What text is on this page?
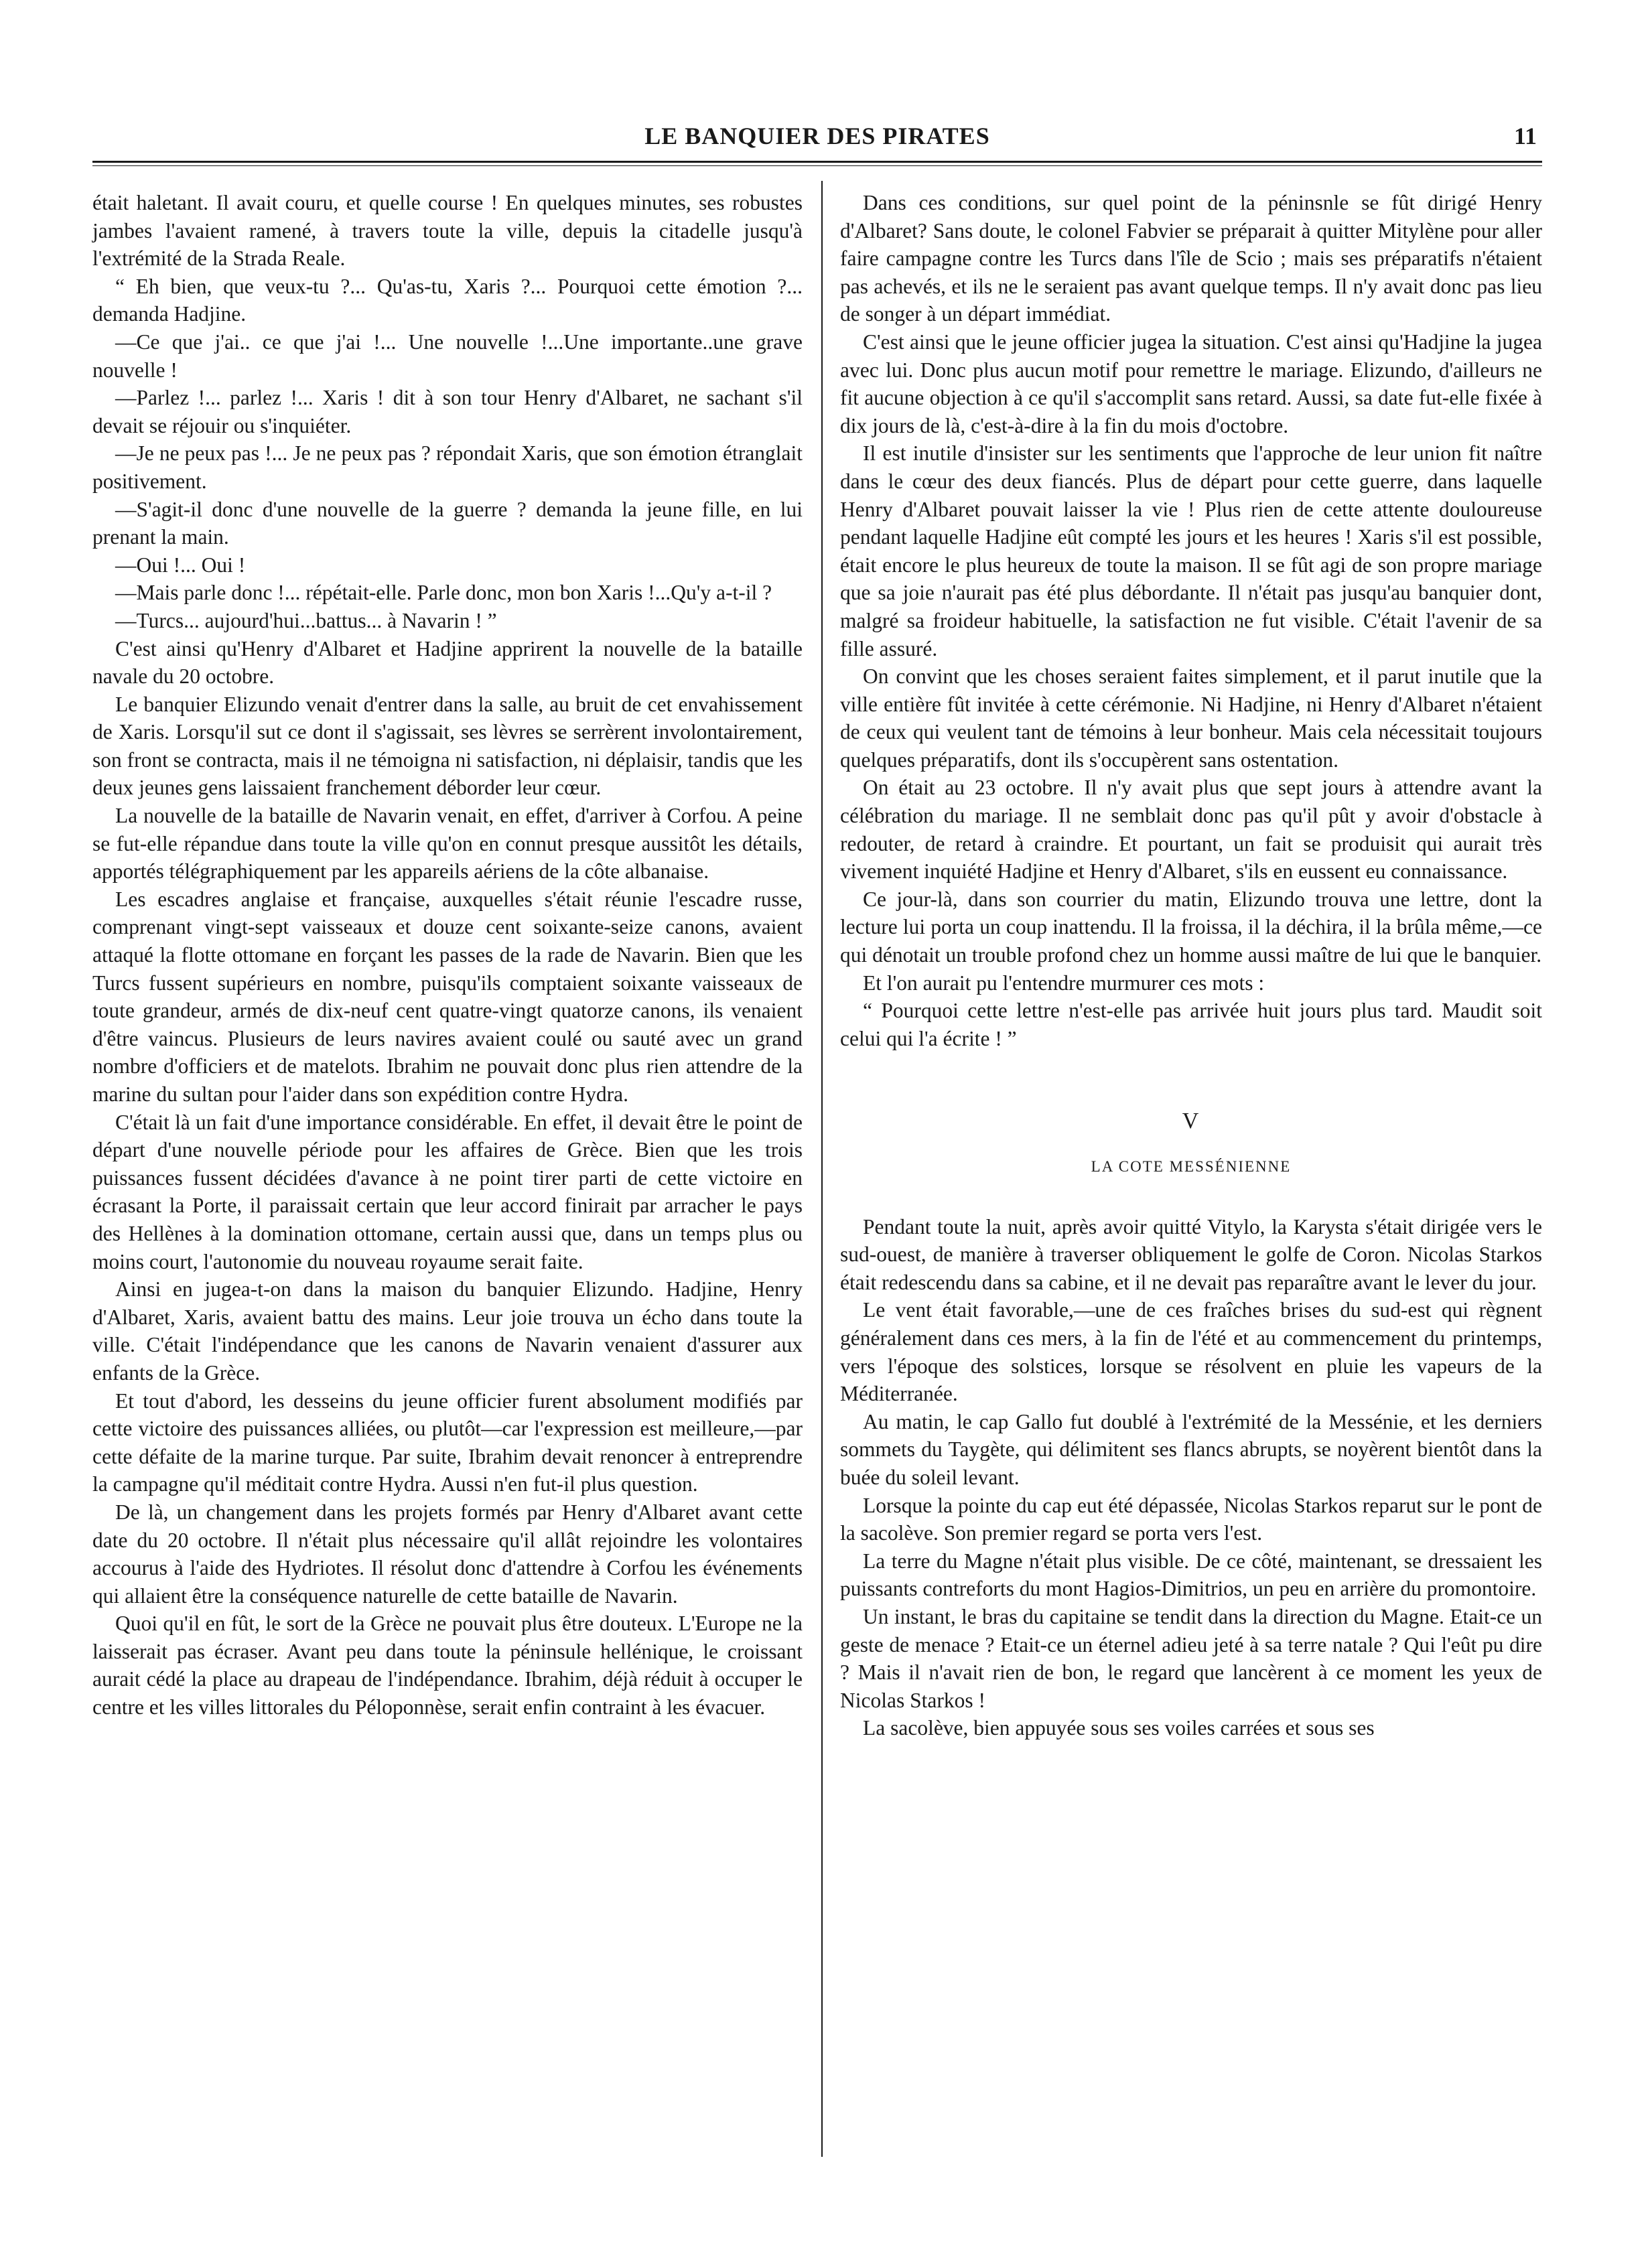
LE BANQUIER DES PIRATES	11

était haletant. Il avait couru, et quelle course ! En quelques minutes, ses robustes jambes l'avaient ramené, à travers toute la ville, depuis la citadelle jusqu'à l'extrémité de la Strada Reale.

“ Eh bien, que veux-tu ?... Qu'as-tu, Xaris ?... Pourquoi cette émotion ?... demanda Hadjine.

—Ce que j'ai.. ce que j'ai !... Une nouvelle !...Une importante..une grave nouvelle !

—Parlez !... parlez !... Xaris ! dit à son tour Henry d'Albaret, ne sachant s'il devait se réjouir ou s'inquiéter.

—Je ne peux pas !... Je ne peux pas ? répondait Xaris, que son émotion étranglait positivement.

—S'agit-il donc d'une nouvelle de la guerre ? demanda la jeune fille, en lui prenant la main.

—Oui !... Oui !

—Mais parle donc !... répétait-elle. Parle donc, mon bon Xaris !...Qu'y a-t-il ?

—Turcs... aujourd'hui...battus... à Navarin ! ”

C'est ainsi qu'Henry d'Albaret et Hadjine apprirent la nouvelle de la bataille navale du 20 octobre.

Le banquier Elizundo venait d'entrer dans la salle, au bruit de cet envahissement de Xaris. Lorsqu'il sut ce dont il s'agissait, ses lèvres se serrèrent involontairement, son front se contracta, mais il ne témoigna ni satisfaction, ni déplaisir, tandis que les deux jeunes gens laissaient franchement déborder leur cœur.

La nouvelle de la bataille de Navarin venait, en effet, d'arriver à Corfou. A peine se fut-elle répandue dans toute la ville qu'on en connut presque aussitôt les détails, apportés télégraphiquement par les appareils aériens de la côte albanaise.

Les escadres anglaise et française, auxquelles s'était réunie l'escadre russe, comprenant vingt-sept vaisseaux et douze cent soixante-seize canons, avaient attaqué la flotte ottomane en forçant les passes de la rade de Navarin. Bien que les Turcs fussent supérieurs en nombre, puisqu'ils comptaient soixante vaisseaux de toute grandeur, armés de dix-neuf cent quatre-vingt quatorze canons, ils venaient d'être vaincus. Plusieurs de leurs navires avaient coulé ou sauté avec un grand nombre d'officiers et de matelots. Ibrahim ne pouvait donc plus rien attendre de la marine du sultan pour l'aider dans son expédition contre Hydra.

C'était là un fait d'une importance considérable. En effet, il devait être le point de départ d'une nouvelle période pour les affaires de Grèce. Bien que les trois puissances fussent décidées d'avance à ne point tirer parti de cette victoire en écrasant la Porte, il paraissait certain que leur accord finirait par arracher le pays des Hellènes à la domination ottomane, certain aussi que, dans un temps plus ou moins court, l'autonomie du nouveau royaume serait faite.

Ainsi en jugea-t-on dans la maison du banquier Elizundo. Hadjine, Henry d'Albaret, Xaris, avaient battu des mains. Leur joie trouva un écho dans toute la ville. C'était l'indépendance que les canons de Navarin venaient d'assurer aux enfants de la Grèce.

Et tout d'abord, les desseins du jeune officier furent absolument modifiés par cette victoire des puissances alliées, ou plutôt—car l'expression est meilleure,—par cette défaite de la marine turque. Par suite, Ibrahim devait renoncer à entreprendre la campagne qu'il méditait contre Hydra. Aussi n'en fut-il plus question.

De là, un changement dans les projets formés par Henry d'Albaret avant cette date du 20 octobre. Il n'était plus nécessaire qu'il allât rejoindre les volontaires accourus à l'aide des Hydriotes. Il résolut donc d'attendre à Corfou les événements qui allaient être la conséquence naturelle de cette bataille de Navarin.

Quoi qu'il en fût, le sort de la Grèce ne pouvait plus être douteux. L'Europe ne la laisserait pas écraser. Avant peu dans toute la péninsule hellénique, le croissant aurait cédé la place au drapeau de l'indépendance. Ibrahim, déjà réduit à occuper le centre et les villes littorales du Péloponnèse, serait enfin contraint à les évacuer.

Dans ces conditions, sur quel point de la péninsnle se fût dirigé Henry d'Albaret? Sans doute, le colonel Fabvier se préparait à quitter Mitylène pour aller faire campagne contre les Turcs dans l'île de Scio ; mais ses préparatifs n'étaient pas achevés, et ils ne le seraient pas avant quelque temps. Il n'y avait donc pas lieu de songer à un départ immédiat.

C'est ainsi que le jeune officier jugea la situation. C'est ainsi qu'Hadjine la jugea avec lui. Donc plus aucun motif pour remettre le mariage. Elizundo, d'ailleurs ne fit aucune objection à ce qu'il s'accomplit sans retard. Aussi, sa date fut-elle fixée à dix jours de là, c'est-à-dire à la fin du mois d'octobre.

Il est inutile d'insister sur les sentiments que l'approche de leur union fit naître dans le cœur des deux fiancés. Plus de départ pour cette guerre, dans laquelle Henry d'Albaret pouvait laisser la vie ! Plus rien de cette attente douloureuse pendant laquelle Hadjine eût compté les jours et les heures ! Xaris s'il est possible, était encore le plus heureux de toute la maison. Il se fût agi de son propre mariage que sa joie n'aurait pas été plus débordante. Il n'était pas jusqu'au banquier dont, malgré sa froideur habituelle, la satisfaction ne fut visible. C'était l'avenir de sa fille assuré.

On convint que les choses seraient faites simplement, et il parut inutile que la ville entière fût invitée à cette cérémonie. Ni Hadjine, ni Henry d'Albaret n'étaient de ceux qui veulent tant de témoins à leur bonheur. Mais cela nécessitait toujours quelques préparatifs, dont ils s'occupèrent sans ostentation.

On était au 23 octobre. Il n'y avait plus que sept jours à attendre avant la célébration du mariage. Il ne semblait donc pas qu'il pût y avoir d'obstacle à redouter, de retard à craindre. Et pourtant, un fait se produisit qui aurait très vivement inquiété Hadjine et Henry d'Albaret, s'ils en eussent eu connaissance.

Ce jour-là, dans son courrier du matin, Elizundo trouva une lettre, dont la lecture lui porta un coup inattendu. Il la froissa, il la déchira, il la brûla même,—ce qui dénotait un trouble profond chez un homme aussi maître de lui que le banquier.

Et l'on aurait pu l'entendre murmurer ces mots :

“ Pourquoi cette lettre n'est-elle pas arrivée huit jours plus tard. Maudit soit celui qui l'a écrite ! ”

V
LA COTE MESSÉNIENNE

Pendant toute la nuit, après avoir quitté Vitylo, la Karysta s'était dirigée vers le sud-ouest, de manière à traverser obliquement le golfe de Coron. Nicolas Starkos était redescendu dans sa cabine, et il ne devait pas reparaître avant le lever du jour.

Le vent était favorable,—une de ces fraîches brises du sud-est qui règnent généralement dans ces mers, à la fin de l'été et au commencement du printemps, vers l'époque des solstices, lorsque se résolvent en pluie les vapeurs de la Méditerranée.

Au matin, le cap Gallo fut doublé à l'extrémité de la Messénie, et les derniers sommets du Taygète, qui délimitent ses flancs abrupts, se noyèrent bientôt dans la buée du soleil levant.

Lorsque la pointe du cap eut été dépassée, Nicolas Starkos reparut sur le pont de la sacolève. Son premier regard se porta vers l'est.

La terre du Magne n'était plus visible. De ce côté, maintenant, se dressaient les puissants contreforts du mont Hagios-Dimitrios, un peu en arrière du promontoire.

Un instant, le bras du capitaine se tendit dans la direction du Magne. Etait-ce un geste de menace ? Etait-ce un éternel adieu jeté à sa terre natale ? Qui l'eût pu dire ? Mais il n'avait rien de bon, le regard que lancèrent à ce moment les yeux de Nicolas Starkos !

La sacolève, bien appuyée sous ses voiles carrées et sous ses
